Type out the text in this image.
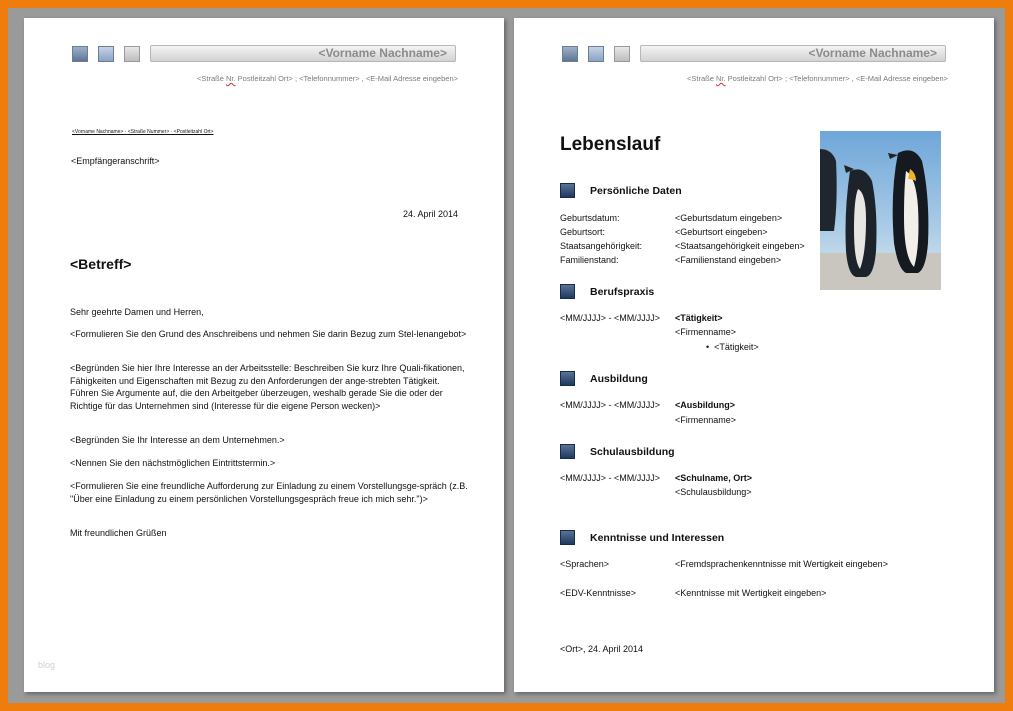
<Vorname Nachname>
<Straße Nr. Postleitzahl Ort> ; <Telefonnummer> , <E-Mail Adresse eingeben>
<Vorname Nachname> · <Straße Nummer> · <Postleitzahl Ort>
<Empfängeranschrift>
24. April 2014
<Betreff>
Sehr geehrte Damen und Herren,
<Formulieren Sie den Grund des Anschreibens und nehmen Sie darin Bezug zum Stel-lenangebot>
<Begründen Sie hier Ihre Interesse an der Arbeitsstelle: Beschreiben Sie kurz Ihre Quali-fikationen, Fähigkeiten und Eigenschaften mit Bezug zu den Anforderungen der ange-strebten Tätigkeit. Führen Sie Argumente auf, die den Arbeitgeber überzeugen, weshalb gerade Sie die oder der Richtige für das Unternehmen sind (Interesse für die eigene Person wecken)>
<Begründen Sie Ihr Interesse an dem Unternehmen.>
<Nennen Sie den nächstmöglichen Eintrittstermin.>
<Formulieren Sie eine freundliche Aufforderung zur Einladung zu einem Vorstellungsge-spräch (z.B. "Über eine Einladung zu einem persönlichen Vorstellungsgespräch freue ich mich sehr.")>
Mit freundlichen Grüßen
blog
<Vorname Nachname>
<Straße Nr. Postleitzahl Ort> ; <Telefonnummer> , <E-Mail Adresse eingeben>
Lebenslauf
Persönliche Daten
Geburtsdatum:	<Geburtsdatum eingeben>
Geburtsort:	<Geburtsort eingeben>
Staatsangehörigkeit:	<Staatsangehörigkeit eingeben>
Familienstand:	<Familienstand eingeben>
Berufspraxis
<MM/JJJJ> - <MM/JJJJ> <Tätigkeit>
<Firmenname>
•  <Tätigkeit>
Ausbildung
<MM/JJJJ> - <MM/JJJJ> <Ausbildung>
<Firmenname>
Schulausbildung
<MM/JJJJ> - <MM/JJJJ> <Schulname, Ort>
<Schulausbildung>
Kenntnisse und Interessen
<Sprachen>	<Fremdsprachenkenntnisse mit Wertigkeit eingeben>
<EDV-Kenntnisse>	<Kenntnisse mit Wertigkeit eingeben>
<Ort>, 24. April 2014
